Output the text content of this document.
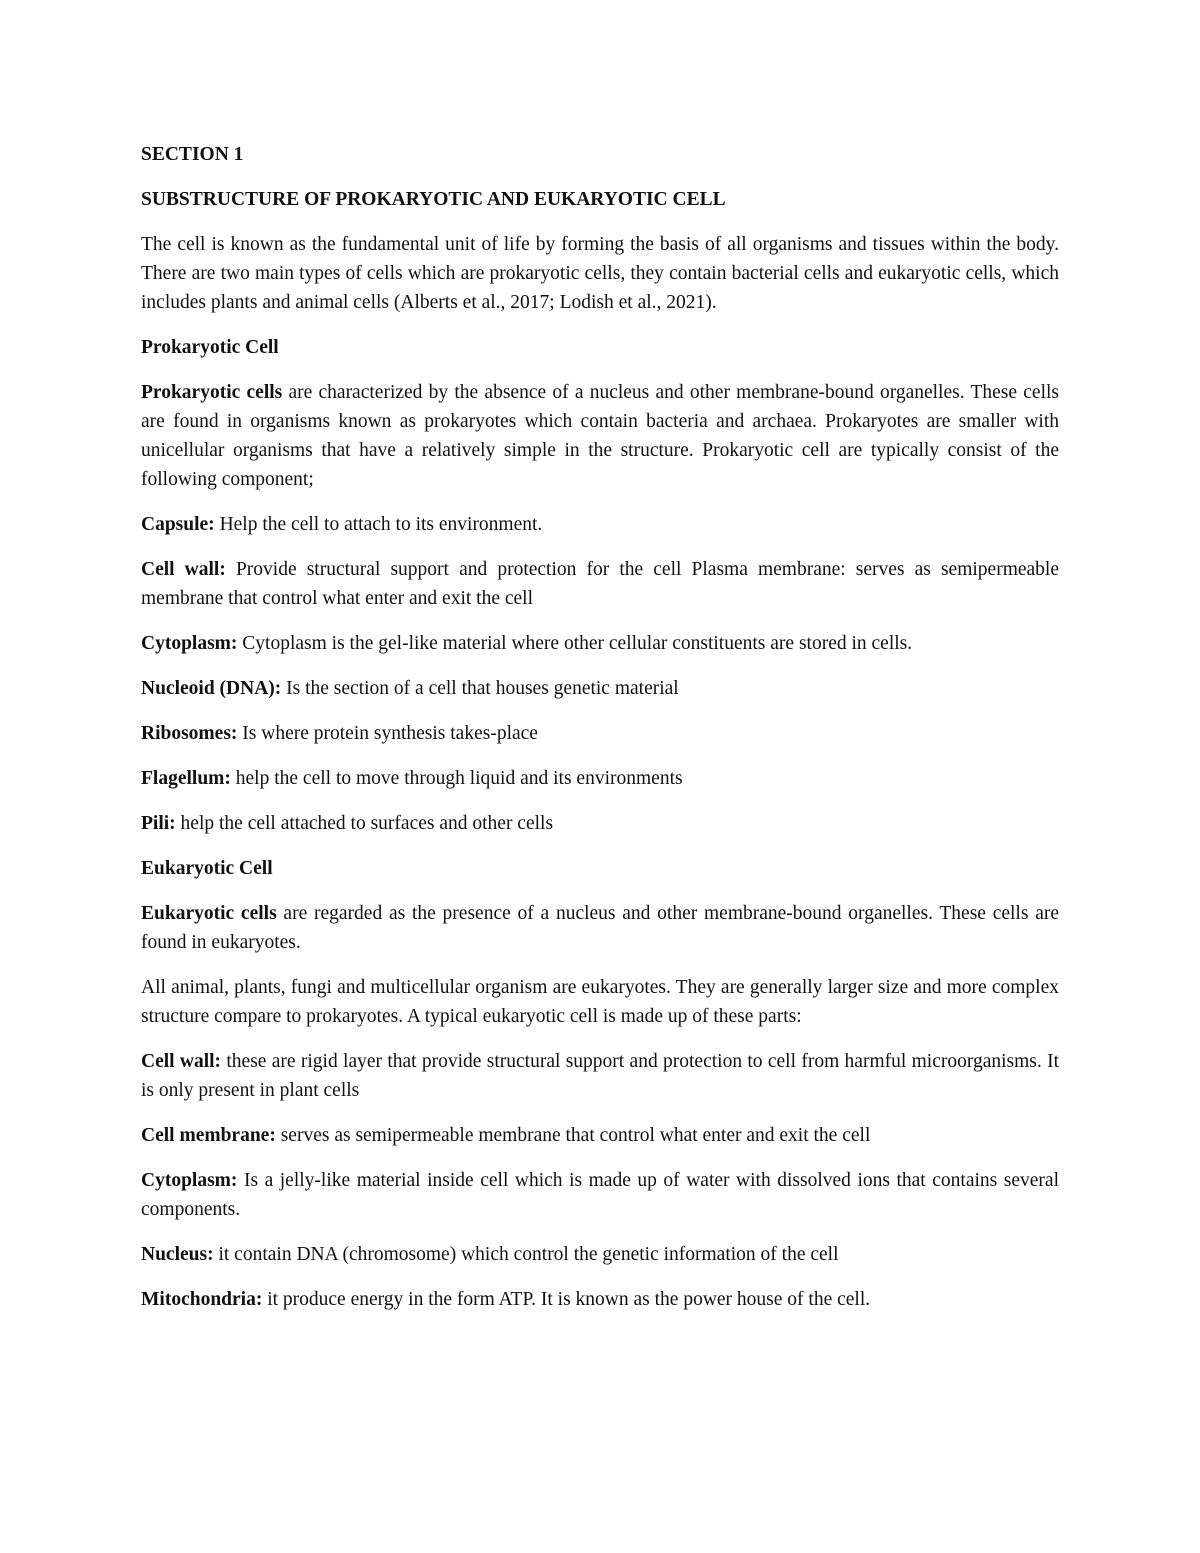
SECTION 1

SUBSTRUCTURE OF PROKARYOTIC AND EUKARYOTIC CELL

The cell is known as the fundamental unit of life by forming the basis of all organisms and tissues within the body. There are two main types of cells which are prokaryotic cells, they contain bacterial cells and eukaryotic cells, which includes plants and animal cells (Alberts et al., 2017; Lodish et al., 2021).

Prokaryotic Cell

Prokaryotic cells are characterized by the absence of a nucleus and other membrane-bound organelles. These cells are found in organisms known as prokaryotes which contain bacteria and archaea. Prokaryotes are smaller with unicellular organisms that have a relatively simple in the structure. Prokaryotic cell are typically consist of the following component;

Capsule: Help the cell to attach to its environment.

Cell wall: Provide structural support and protection for the cell Plasma membrane: serves as semipermeable membrane that control what enter and exit the cell

Cytoplasm: Cytoplasm is the gel-like material where other cellular constituents are stored in cells.

Nucleoid (DNA): Is the section of a cell that houses genetic material

Ribosomes: Is where protein synthesis takes-place

Flagellum: help the cell to move through liquid and its environments

Pili: help the cell attached to surfaces and other cells

Eukaryotic Cell

Eukaryotic cells are regarded as the presence of a nucleus and other membrane-bound organelles. These cells are found in eukaryotes.

All animal, plants, fungi and multicellular organism are eukaryotes. They are generally larger size and more complex structure compare to prokaryotes. A typical eukaryotic cell is made up of these parts:

Cell wall: these are rigid layer that provide structural support and protection to cell from harmful microorganisms. It is only present in plant cells

Cell membrane: serves as semipermeable membrane that control what enter and exit the cell

Cytoplasm: Is a jelly-like material inside cell which is made up of water with dissolved ions that contains several components.

Nucleus: it contain DNA (chromosome) which control the genetic information of the cell

Mitochondria: it produce energy in the form ATP. It is known as the power house of the cell.
